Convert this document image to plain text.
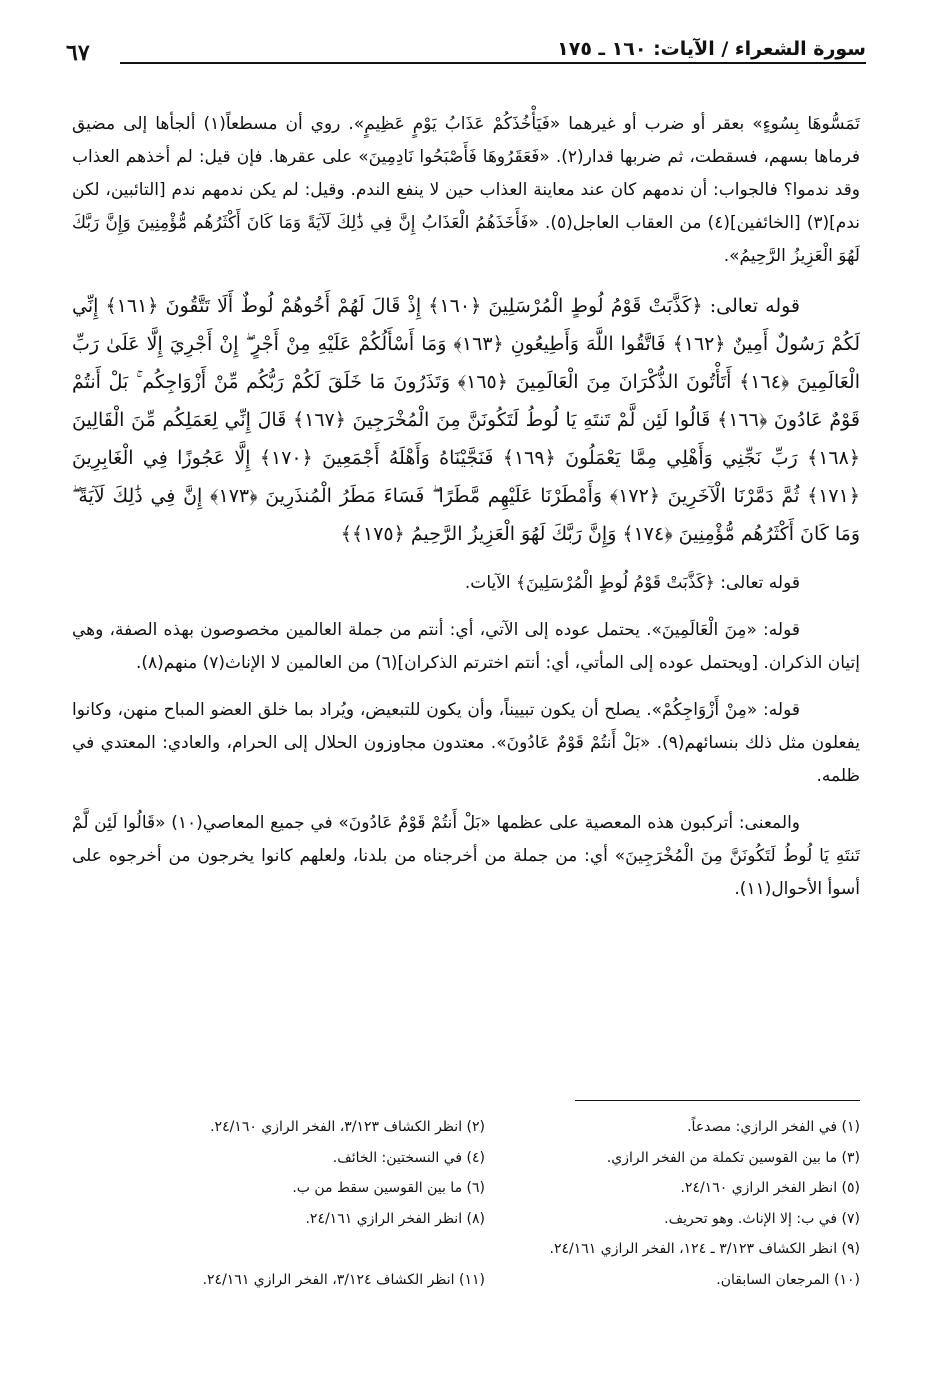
سورة الشعراء / الآيات: ١٦٠ ـ ١٧٥
٦٧

تَمَسُّوهَا بِسُوءٍ» بعقر أو ضرب أو غيرهما «فَيَأْخُذَكُمْ عَذَابُ يَوْمٍ عَظِيمٍ». روي أن مسطعاً(١) ألجأها إلى مضيق فرماها بسهم، فسقطت، ثم ضربها قدار(٢). «فَعَقَرُوهَا فَأَصْبَحُوا نَادِمِينَ» على عقرها. فإن قيل: لم أخذهم العذاب وقد ندموا؟ فالجواب: أن ندمهم كان عند معاينة العذاب حين لا ينفع الندم. وقيل: لم يكن ندمهم ندم [التائبين، لكن ندم](٣) [الخائفين](٤) من العقاب العاجل(٥). «فَأَخَذَهُمُ الْعَذَابُ إِنَّ فِي ذَٰلِكَ لَآيَةً وَمَا كَانَ أَكْثَرُهُم مُّؤْمِنِينَ وَإِنَّ رَبَّكَ لَهُوَ الْعَزِيزُ الرَّحِيمُ».

قوله تعالى: ﴿كَذَّبَتْ قَوْمُ لُوطٍ الْمُرْسَلِينَ ﴿١٦٠﴾ إِذْ قَالَ لَهُمْ أَخُوهُمْ لُوطٌ أَلَا تَتَّقُونَ ﴿١٦١﴾ إِنِّي لَكُمْ رَسُولٌ أَمِينٌ ﴿١٦٢﴾ فَاتَّقُوا اللَّهَ وَأَطِيعُونِ ﴿١٦٣﴾ وَمَا أَسْأَلُكُمْ عَلَيْهِ مِنْ أَجْرٍ ۖ إِنْ أَجْرِيَ إِلَّا عَلَىٰ رَبِّ الْعَالَمِينَ ﴿١٦٤﴾ أَتَأْتُونَ الذُّكْرَانَ مِنَ الْعَالَمِينَ ﴿١٦٥﴾ وَتَذَرُونَ مَا خَلَقَ لَكُمْ رَبُّكُم مِّنْ أَزْوَاجِكُم ۚ بَلْ أَنتُمْ قَوْمٌ عَادُونَ ﴿١٦٦﴾ قَالُوا لَئِن لَّمْ تَنتَهِ يَا لُوطُ لَتَكُونَنَّ مِنَ الْمُخْرَجِينَ ﴿١٦٧﴾ قَالَ إِنِّي لِعَمَلِكُم مِّنَ الْقَالِينَ ﴿١٦٨﴾ رَبِّ نَجِّنِي وَأَهْلِي مِمَّا يَعْمَلُونَ ﴿١٦٩﴾ فَنَجَّيْنَاهُ وَأَهْلَهُ أَجْمَعِينَ ﴿١٧٠﴾ إِلَّا عَجُوزًا فِي الْغَابِرِينَ ﴿١٧١﴾ ثُمَّ دَمَّرْنَا الْآخَرِينَ ﴿١٧٢﴾ وَأَمْطَرْنَا عَلَيْهِم مَّطَرًا ۖ فَسَاءَ مَطَرُ الْمُنذَرِينَ ﴿١٧٣﴾ إِنَّ فِي ذَٰلِكَ لَآيَةً ۖ وَمَا كَانَ أَكْثَرُهُم مُّؤْمِنِينَ ﴿١٧٤﴾ وَإِنَّ رَبَّكَ لَهُوَ الْعَزِيزُ الرَّحِيمُ ﴿١٧٥﴾﴾

قوله تعالى: ﴿كَذَّبَتْ قَوْمُ لُوطٍ الْمُرْسَلِينَ﴾ الآيات.

قوله: «مِنَ الْعَالَمِينَ». يحتمل عوده إلى الآتي، أي: أنتم من جملة العالمين مخصوصون بهذه الصفة، وهي إتيان الذكران. [ويحتمل عوده إلى المأتي، أي: أنتم اخترتم الذكران](٦) من العالمين لا الإناث(٧) منهم(٨).

قوله: «مِنْ أَزْوَاجِكُمْ». يصلح أن يكون تبييناً، وأن يكون للتبعيض، ويُراد بما خلق العضو المباح منهن، وكانوا يفعلون مثل ذلك بنسائهم(٩). «بَلْ أَنتُمْ قَوْمٌ عَادُونَ». معتدون مجاوزون الحلال إلى الحرام، والعادي: المعتدي في ظلمه.

والمعنى: أتركبون هذه المعصية على عظمها «بَلْ أَنتُمْ قَوْمٌ عَادُونَ» في جميع المعاصي(١٠) «قَالُوا لَئِن لَّمْ تَنتَهِ يَا لُوطُ لَتَكُونَنَّ مِنَ الْمُخْرَجِينَ» أي: من جملة من أخرجناه من بلدنا، ولعلهم كانوا يخرجون من أخرجوه على أسوأ الأحوال(١١).

(١) في الفخر الرازي: مصدعاً.
(٢) انظر الكشاف ٣/١٢٣، الفخر الرازي ٢٤/١٦٠.
(٣) ما بين القوسين تكملة من الفخر الرازي.
(٤) في النسختين: الخائف.
(٥) انظر الفخر الرازي ٢٤/١٦٠.
(٦) ما بين القوسين سقط من ب.
(٧) في ب: إلا الإناث. وهو تحريف.
(٨) انظر الفخر الرازي ٢٤/١٦١.
(٩) انظر الكشاف ٣/١٢٣ ـ ١٢٤، الفخر الرازي ٢٤/١٦١.
(١٠) المرجعان السابقان.
(١١) انظر الكشاف ٣/١٢٤، الفخر الرازي ٢٤/١٦١.
